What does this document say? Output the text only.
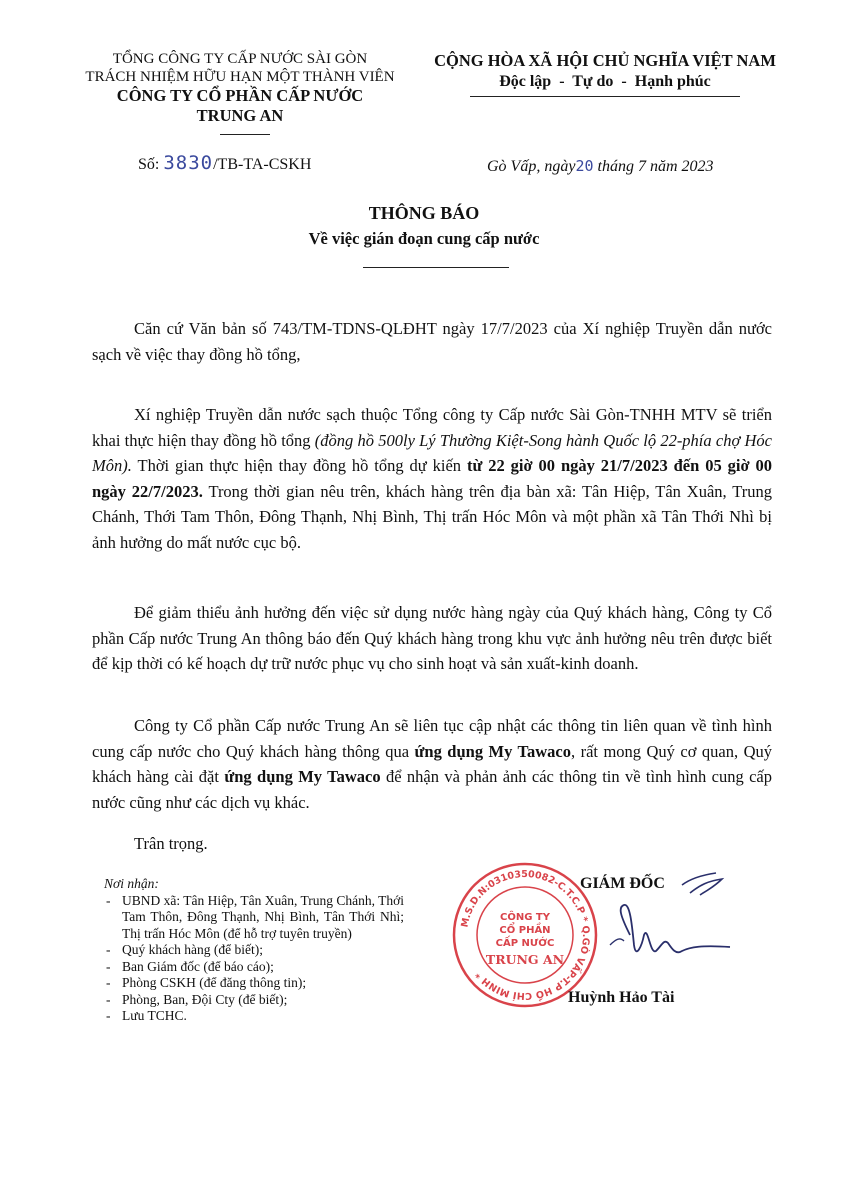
TỔNG CÔNG TY CẤP NƯỚC SÀI GÒN
TRÁCH NHIỆM HỮU HẠN MỘT THÀNH VIÊN
CÔNG TY CỔ PHẦN CẤP NƯỚC
TRUNG AN
CỘNG HÒA XÃ HỘI CHỦ NGHĨA VIỆT NAM
Độc lập  -  Tự do  -  Hạnh phúc
Số: 3830/TB-TA-CSKH	Gò Vấp, ngày20 tháng 7 năm 2023
THÔNG BÁO
Về việc gián đoạn cung cấp nước

Căn cứ Văn bản số 743/TM-TDNS-QLĐHT ngày 17/7/2023 của Xí nghiệp Truyền dẫn nước sạch về việc thay đồng hồ tổng,

Xí nghiệp Truyền dẫn nước sạch thuộc Tổng công ty Cấp nước Sài Gòn-TNHH MTV sẽ triển khai thực hiện thay đồng hồ tổng (đồng hồ 500ly Lý Thường Kiệt-Song hành Quốc lộ 22-phía chợ Hóc Môn). Thời gian thực hiện thay đồng hồ tổng dự kiến từ 22 giờ 00 ngày 21/7/2023 đến 05 giờ 00 ngày 22/7/2023. Trong thời gian nêu trên, khách hàng trên địa bàn xã: Tân Hiệp, Tân Xuân, Trung Chánh, Thới Tam Thôn, Đông Thạnh, Nhị Bình, Thị trấn Hóc Môn và một phần xã Tân Thới Nhì bị ảnh hưởng do mất nước cục bộ.

Để giảm thiểu ảnh hưởng đến việc sử dụng nước hàng ngày của Quý khách hàng, Công ty Cổ phần Cấp nước Trung An thông báo đến Quý khách hàng trong khu vực ảnh hưởng nêu trên được biết để kịp thời có kế hoạch dự trữ nước phục vụ cho sinh hoạt và sản xuất-kinh doanh.

Công ty Cổ phần Cấp nước Trung An sẽ liên tục cập nhật các thông tin liên quan về tình hình cung cấp nước cho Quý khách hàng thông qua ứng dụng My Tawaco, rất mong Quý cơ quan, Quý khách hàng cài đặt ứng dụng My Tawaco để nhận và phản ảnh các thông tin về tình hình cung cấp nước cũng như các dịch vụ khác.

Trân trọng.
Nơi nhận:
- UBND xã: Tân Hiệp, Tân Xuân, Trung Chánh, Thới Tam Thôn, Đông Thạnh, Nhị Bình, Tân Thới Nhì; Thị trấn Hóc Môn (để hỗ trợ tuyên truyền)
- Quý khách hàng (để biết);
- Ban Giám đốc (để báo cáo);
- Phòng CSKH (để đăng thông tin);
- Phòng, Ban, Đội Cty (để biết);
- Lưu TCHC.
M.S.D.N:0310350082-C.T.C.P * Q.GÒ VẤP-T.P HỒ CHÍ MINH *
CÔNG TY
CỔ PHẦN
CẤP NƯỚC
TRUNG AN
GIÁM ĐỐC
Huỳnh Hảo Tài
